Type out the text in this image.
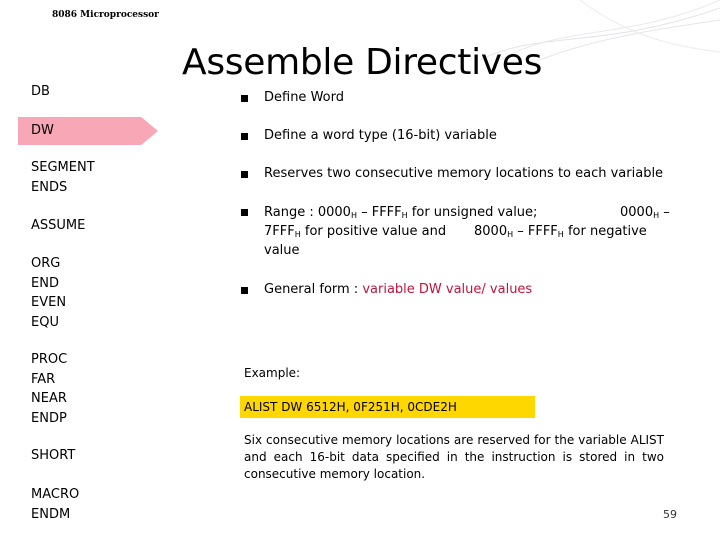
8086 Microprocessor
Assemble Directives
DB
DW
SEGMENT
ENDS
ASSUME
ORG
END
EVEN
EQU
PROC
FAR
NEAR
ENDP
SHORT
MACRO
ENDM
Define Word
Define a word type (16-bit) variable
Reserves two consecutive memory locations to each variable
Range : $0000_H$ – $FFFF_H$ for unsigned value;	$0000_H$ –
$7FFF_H$ for positive value and $8000_H$ – $FFFF_H$ for negative
value
General form : variable DW value/ values
Example:
ALIST DW 6512H, 0F251H, 0CDE2H
Six consecutive memory locations are reserved for the variable ALIST and each 16-bit data specified in the instruction is stored in two consecutive memory location.
59
